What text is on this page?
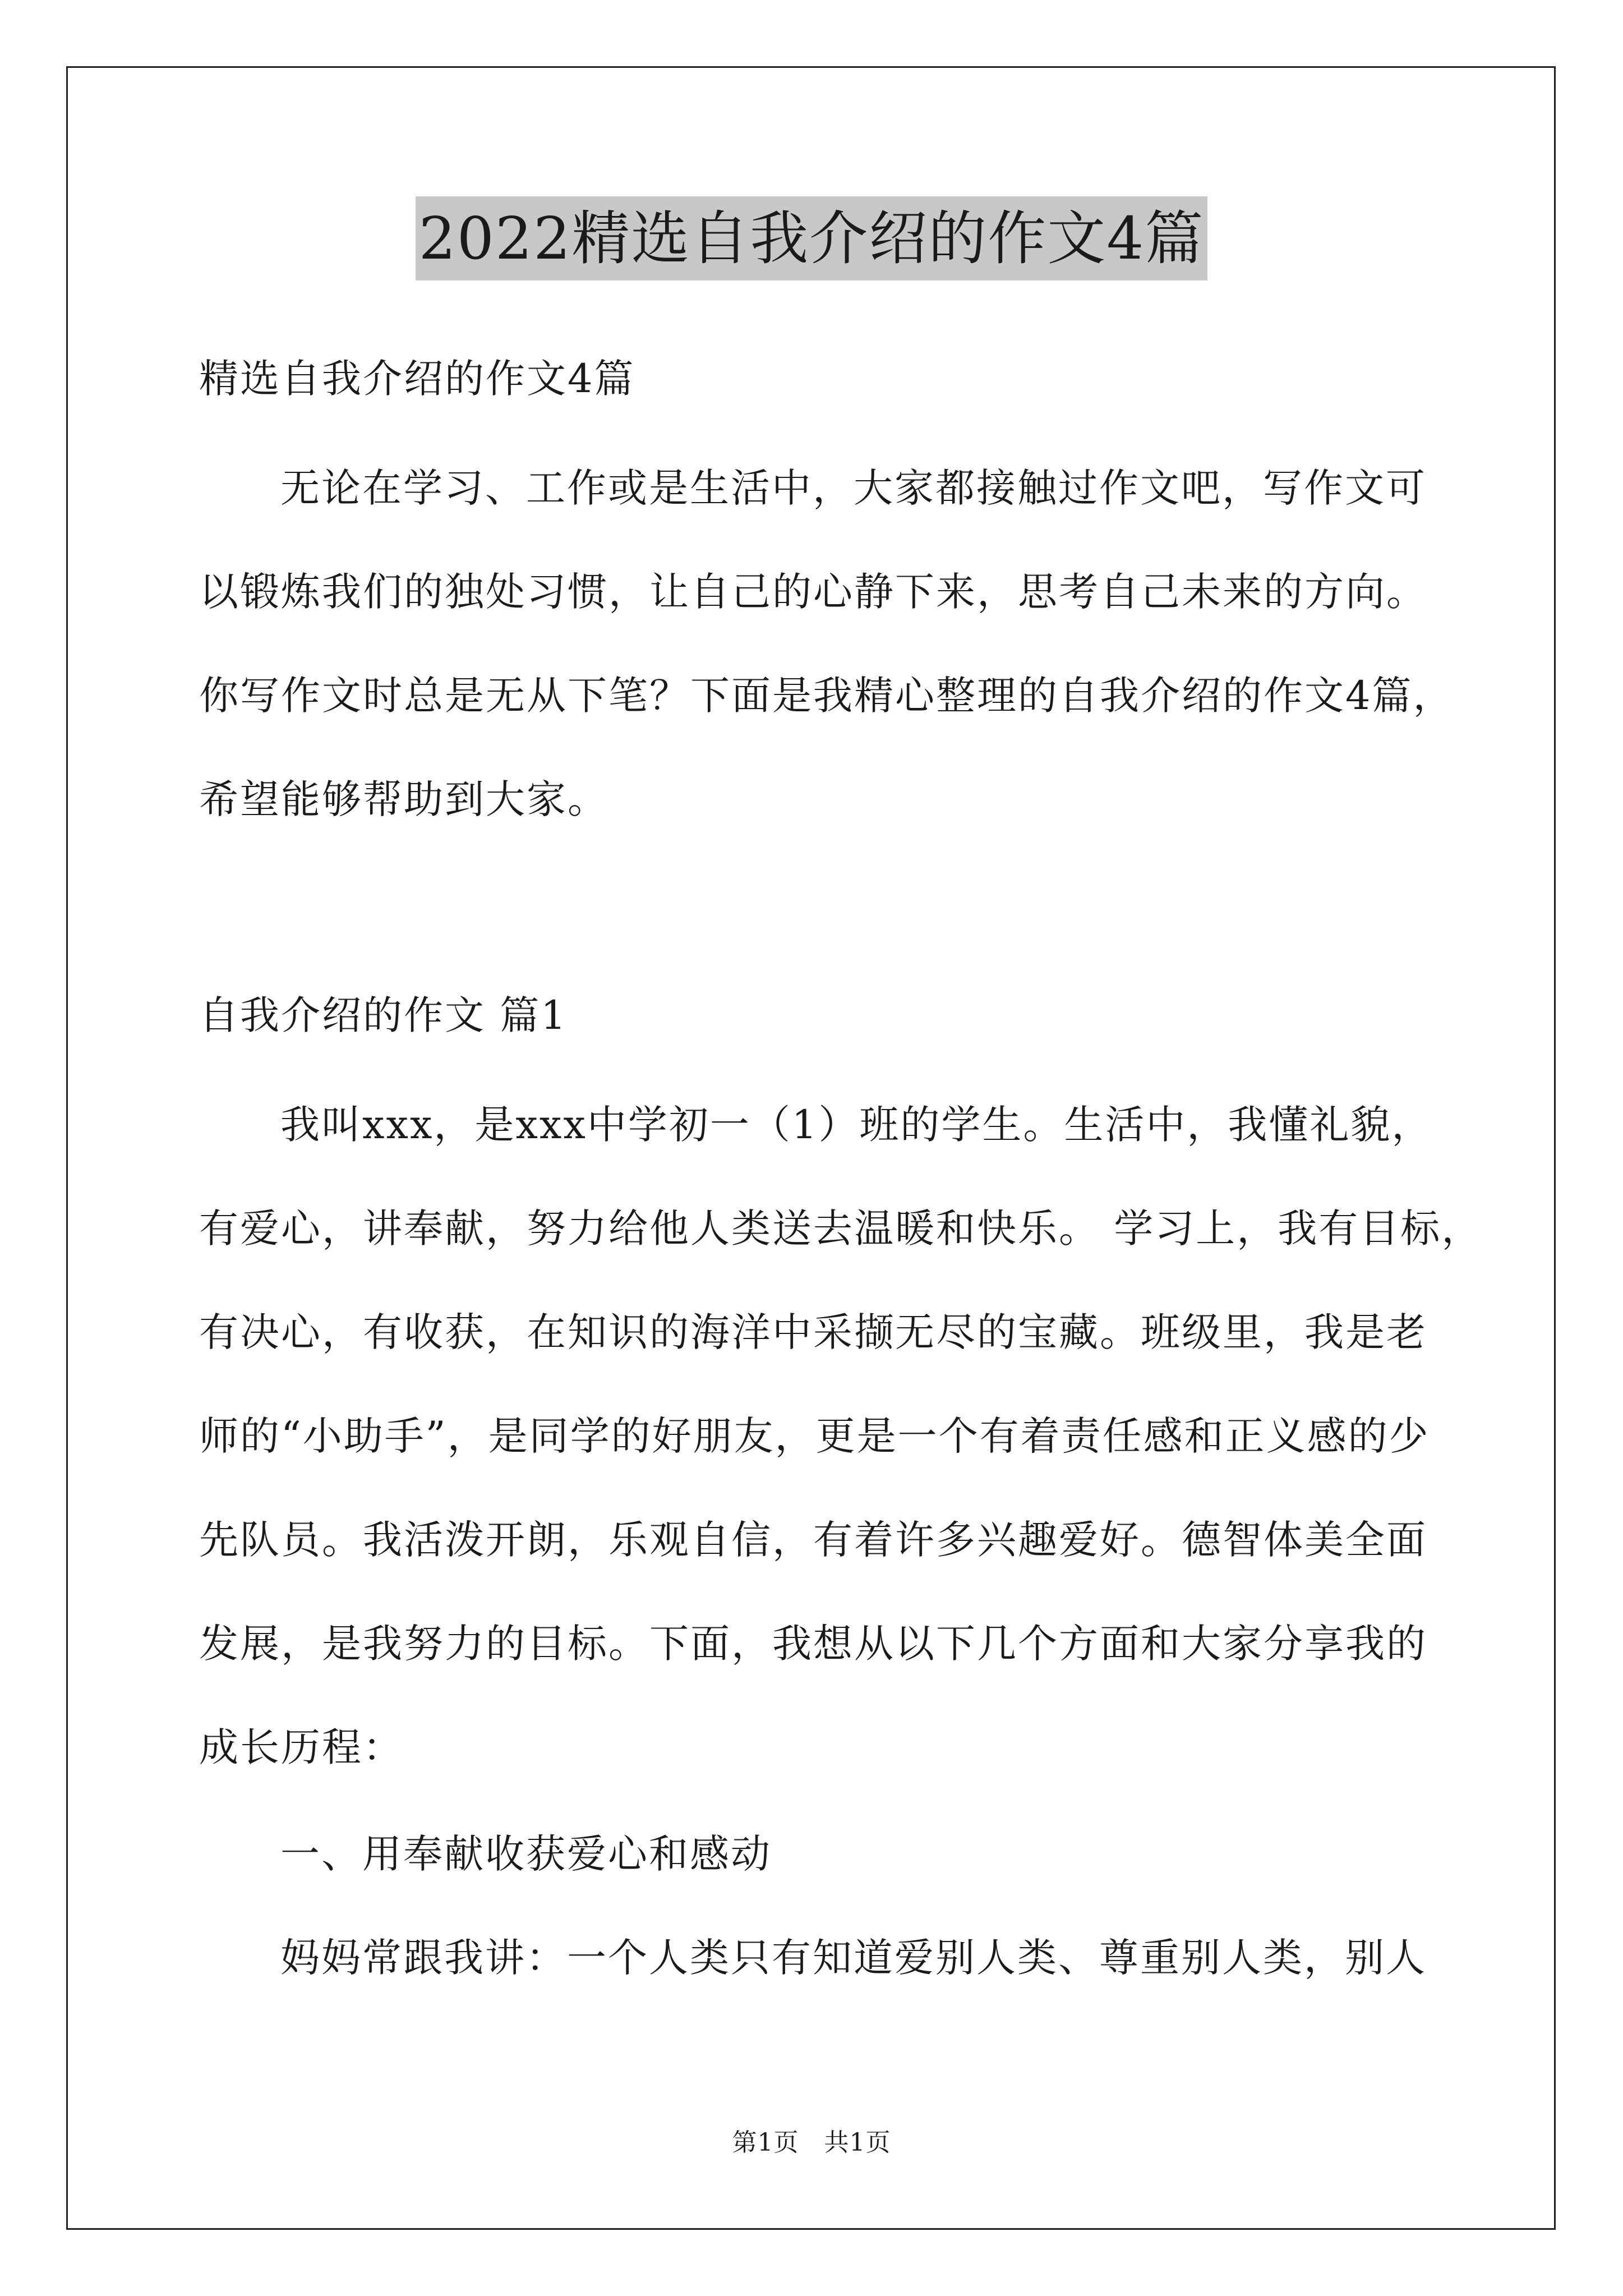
2022精选自我介绍的作文4篇
精选自我介绍的作文4篇
无论在学习、工作或是生活中，大家都接触过作文吧，写作文可
以锻炼我们的独处习惯，让自己的心静下来，思考自己未来的方向。
你写作文时总是无从下笔？下面是我精心整理的自我介绍的作文4篇，
希望能够帮助到大家。
自我介绍的作文 篇1
我叫xxx，是xxx中学初一（1）班的学生。生活中，我懂礼貌，
有爱心，讲奉献，努力给他人类送去温暖和快乐。 学习上，我有目标，
有决心，有收获，在知识的海洋中采撷无尽的宝藏。班级里，我是老
师的“小助手”，是同学的好朋友，更是一个有着责任感和正义感的少
先队员。我活泼开朗，乐观自信，有着许多兴趣爱好。德智体美全面
发展，是我努力的目标。下面，我想从以下几个方面和大家分享我的
成长历程：
一、用奉献收获爱心和感动
妈妈常跟我讲：一个人类只有知道爱别人类、尊重别人类，别人
第1页　共1页
